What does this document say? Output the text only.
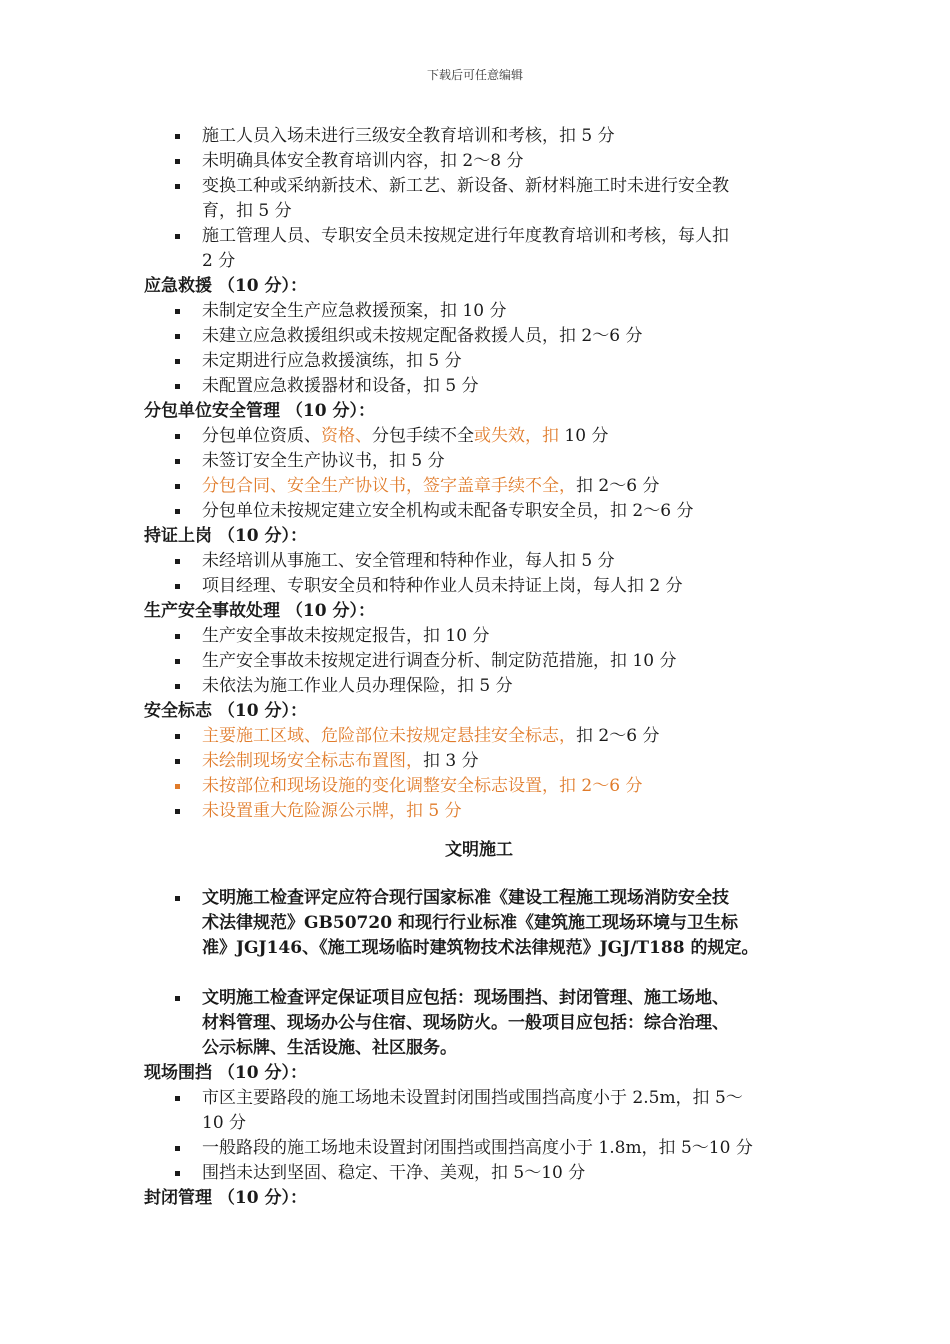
下载后可任意编辑
施工人员入场未进行三级安全教育培训和考核，扣 5 分
未明确具体安全教育培训内容，扣 2～8 分
变换工种或采纳新技术、新工艺、新设备、新材料施工时未进行安全教
育，扣 5 分
施工管理人员、专职安全员未按规定进行年度教育培训和考核，每人扣
2 分
应急救援 （10 分）：
未制定安全生产应急救援预案，扣 10 分
未建立应急救援组织或未按规定配备救援人员，扣 2～6 分
未定期进行应急救援演练，扣 5 分
未配置应急救援器材和设备，扣 5 分
分包单位安全管理 （10 分）：
分包单位资质、资格、分包手续不全或失效，扣 10 分
未签订安全生产协议书，扣 5 分
分包合同、安全生产协议书，签字盖章手续不全，扣 2～6 分
分包单位未按规定建立安全机构或未配备专职安全员，扣 2～6 分
持证上岗 （10 分）：
未经培训从事施工、安全管理和特种作业，每人扣 5 分
项目经理、专职安全员和特种作业人员未持证上岗，每人扣 2 分
生产安全事故处理 （10 分）：
生产安全事故未按规定报告，扣 10 分
生产安全事故未按规定进行调查分析、制定防范措施，扣 10 分
未依法为施工作业人员办理保险，扣 5 分
安全标志 （10 分）：
主要施工区域、危险部位未按规定悬挂安全标志，扣 2～6 分
未绘制现场安全标志布置图，扣 3 分
未按部位和现场设施的变化调整安全标志设置，扣 2～6 分
未设置重大危险源公示牌，扣 5 分
文明施工
文明施工检查评定应符合现行国家标准《建设工程施工现场消防安全技
术法律规范》GB50720 和现行行业标准《建筑施工现场环境与卫生标
准》JGJ146、《施工现场临时建筑物技术法律规范》JGJ/T188 的规定。
文明施工检查评定保证项目应包括：现场围挡、封闭管理、施工场地、
材料管理、现场办公与住宿、现场防火。一般项目应包括：综合治理、
公示标牌、生活设施、社区服务。
现场围挡 （10 分）：
市区主要路段的施工场地未设置封闭围挡或围挡高度小于 2.5m，扣 5～
10 分
一般路段的施工场地未设置封闭围挡或围挡高度小于 1.8m，扣 5～10 分
围挡未达到坚固、稳定、干净、美观，扣 5～10 分
封闭管理 （10 分）：
